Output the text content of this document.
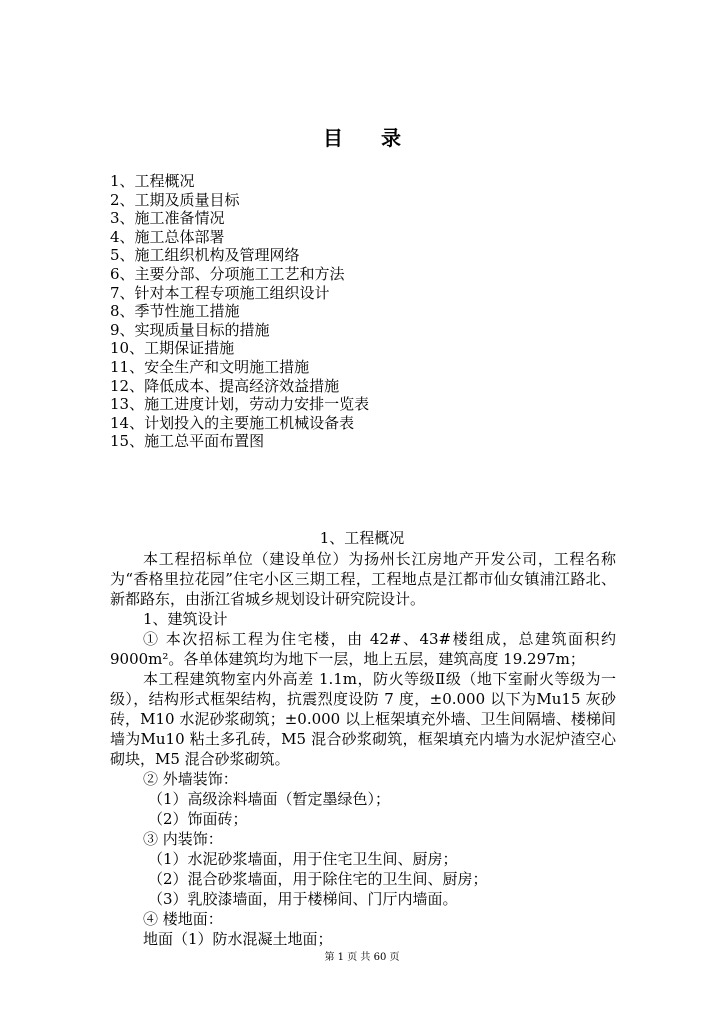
目 录
1、工程概况
2、工期及质量目标
3、施工准备情况
4、施工总体部署
5、施工组织机构及管理网络
6、主要分部、分项施工工艺和方法
7、针对本工程专项施工组织设计
8、季节性施工措施
9、实现质量目标的措施
10、工期保证措施
11、安全生产和文明施工措施
12、降低成本、提高经济效益措施
13、施工进度计划，劳动力安排一览表
14、计划投入的主要施工机械设备表
15、施工总平面布置图
1、工程概况

本工程招标单位（建设单位）为扬州长江房地产开发公司，工程名称为“香格里拉花园”住宅小区三期工程，工程地点是江都市仙女镇浦江路北、新都路东，由浙江省城乡规划设计研究院设计。

1、建筑设计

① 本次招标工程为住宅楼，由 42#、43#楼组成，总建筑面积约 9000m²。各单体建筑均为地下一层，地上五层，建筑高度 19.297m；

本工程建筑物室内外高差 1.1m，防火等级Ⅱ级（地下室耐火等级为一级），结构形式框架结构，抗震烈度设防 7 度，±0.000 以下为Mu15 灰砂砖，M10 水泥砂浆砌筑；±0.000 以上框架填充外墙、卫生间隔墙、楼梯间墙为Mu10 粘土多孔砖，M5 混合砂浆砌筑，框架填充内墙为水泥炉渣空心砌块，M5 混合砂浆砌筑。

② 外墙装饰：

（1）高级涂料墙面（暂定墨绿色）；

（2）饰面砖；

③ 内装饰：

（1）水泥砂浆墙面，用于住宅卫生间、厨房；

（2）混合砂浆墙面，用于除住宅的卫生间、厨房；

（3）乳胶漆墙面，用于楼梯间、门厅内墙面。

④ 楼地面：

地面（1）防水混凝土地面；

第 1 页 共 60 页
